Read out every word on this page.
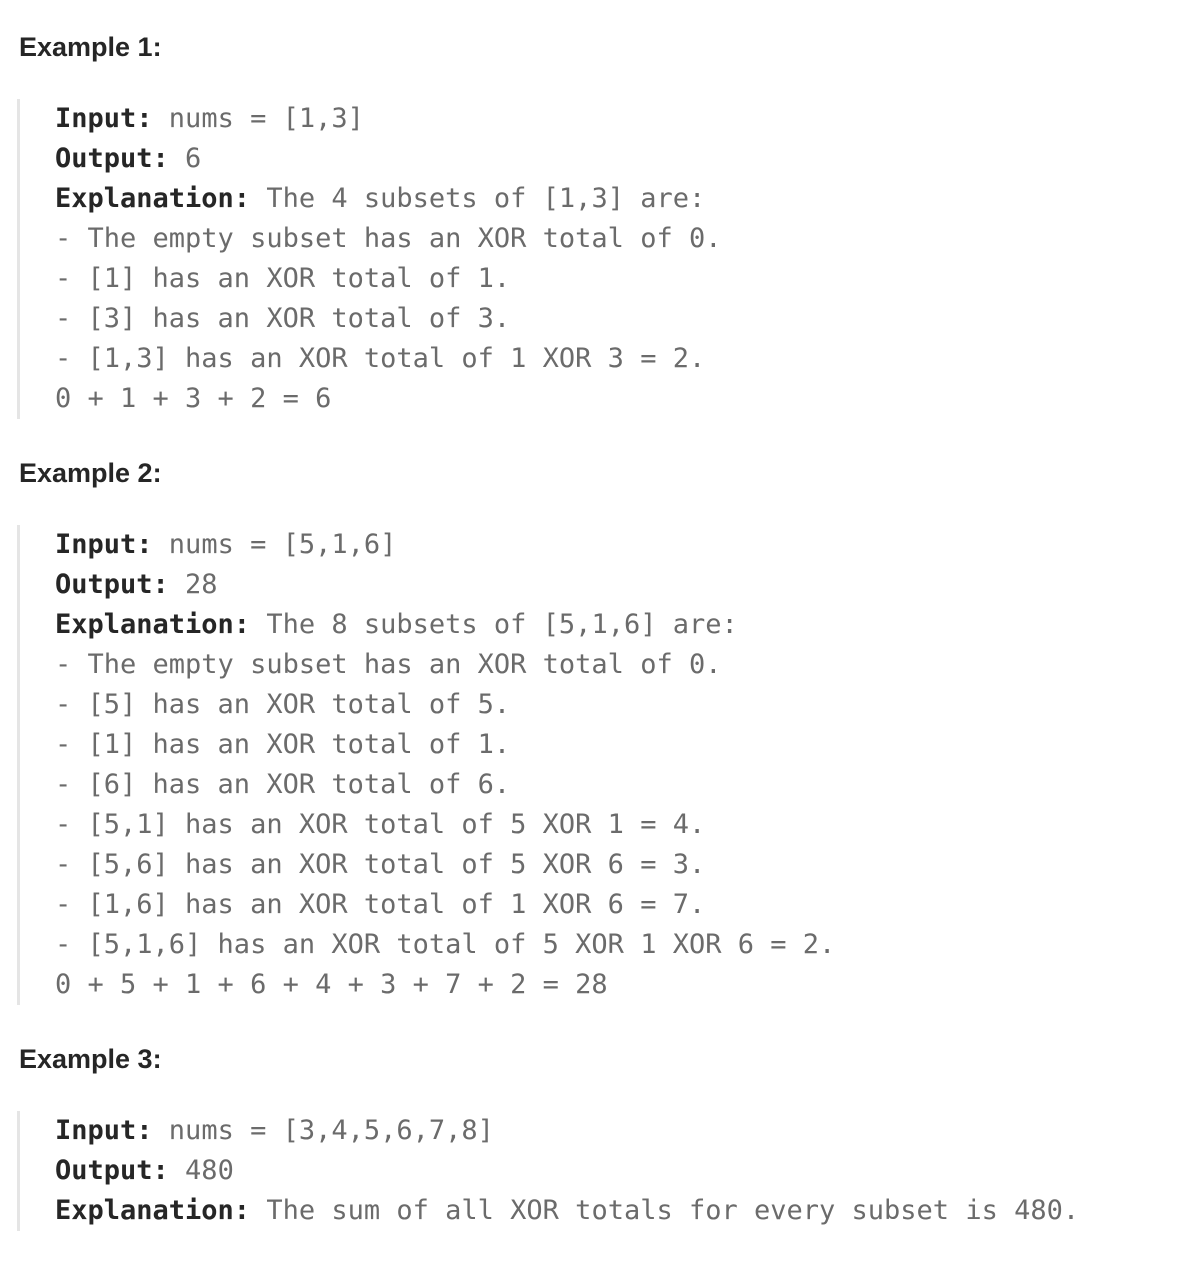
Example 1:
Input: nums = [1,3]
Output: 6
Explanation: The 4 subsets of [1,3] are:
- The empty subset has an XOR total of 0.
- [1] has an XOR total of 1.
- [3] has an XOR total of 3.
- [1,3] has an XOR total of 1 XOR 3 = 2.
0 + 1 + 3 + 2 = 6
Example 2:
Input: nums = [5,1,6]
Output: 28
Explanation: The 8 subsets of [5,1,6] are:
- The empty subset has an XOR total of 0.
- [5] has an XOR total of 5.
- [1] has an XOR total of 1.
- [6] has an XOR total of 6.
- [5,1] has an XOR total of 5 XOR 1 = 4.
- [5,6] has an XOR total of 5 XOR 6 = 3.
- [1,6] has an XOR total of 1 XOR 6 = 7.
- [5,1,6] has an XOR total of 5 XOR 1 XOR 6 = 2.
0 + 5 + 1 + 6 + 4 + 3 + 7 + 2 = 28
Example 3:
Input: nums = [3,4,5,6,7,8]
Output: 480
Explanation: The sum of all XOR totals for every subset is 480.
